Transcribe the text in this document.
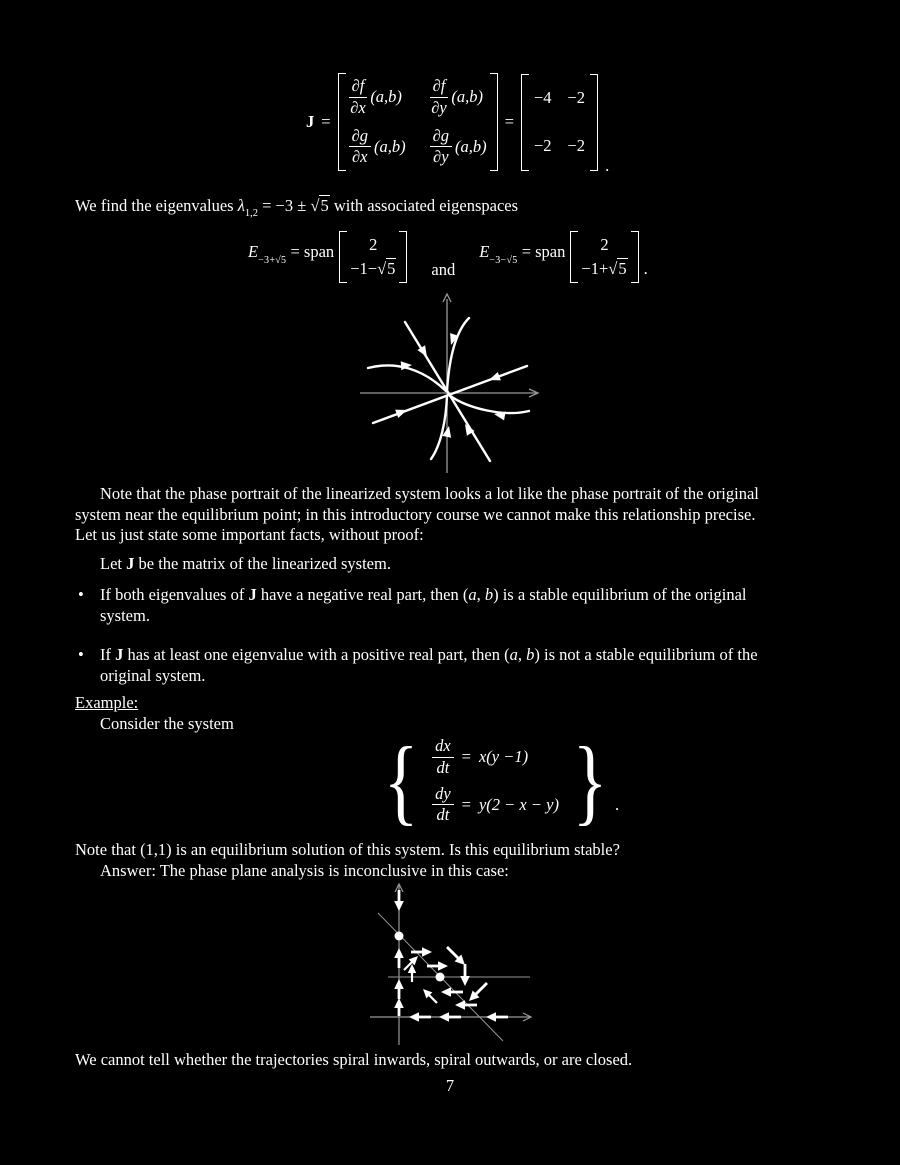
J =
$\frac{\partial f}{\partial x} (a,b) \frac{\partial f}{\partial y} (a,b)$
$\frac{\partial g}{\partial x} (a,b) \frac{\partial g}{\partial y} (a,b)$
=
−4 −2
−2 −2
.
We find the eigenvalues $\lambda_{1,2} = -3 \pm √5$ with associated eigenspaces
$E_{-3+√5}$ = span 2
−1−√5 and
$E_{-3-√5}$ = span 2
−1+√5 .
Note that the phase portrait of the linearized system looks a lot like the phase portrait of the original
system near the equilibrium point; in this introductory course we cannot make this relationship precise.
Let us just state some important facts, without proof:
Let J be the matrix of the linearized system.
• If both eigenvalues of J have a negative real part, then (a, b) is a stable equilibrium of the original
system.
• If J has at least one eigenvalue with a positive real part, then (a, b) is not a stable equilibrium of the
original system.
Example:
Consider the system
{ $\frac{dx}{dt} = x(y -1)$
$\frac{dy}{dt} = y(2 - x - y)$ } .
Note that (1,1) is an equilibrium solution of this system. Is this equilibrium stable?
Answer: The phase plane analysis is inconclusive in this case:
We cannot tell whether the trajectories spiral inwards, spiral outwards, or are closed.
7
